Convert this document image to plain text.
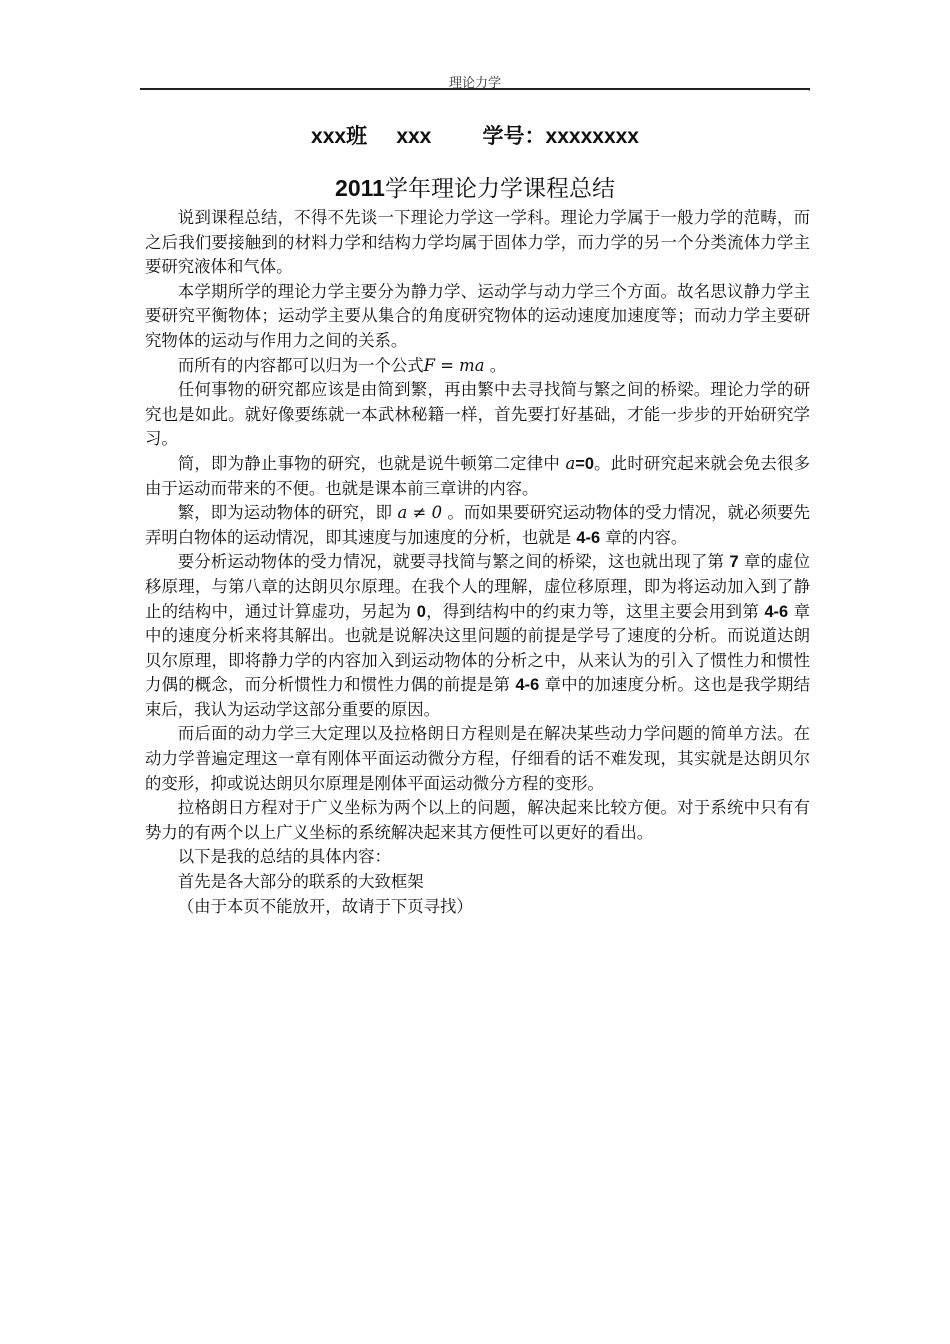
理论力学	.
xxx班 xxx 学号：xxxxxxxx
2011学年理论力学课程总结

说到课程总结，不得不先谈一下理论力学这一学科。理论力学属于一般力学的范畴，而之后我们要接触到的材料力学和结构力学均属于固体力学，而力学的另一个分类流体力学主要研究液体和气体。

本学期所学的理论力学主要分为静力学、运动学与动力学三个方面。故名思议静力学主要研究平衡物体；运动学主要从集合的角度研究物体的运动速度加速度等；而动力学主要研究物体的运动与作用力之间的关系。

而所有的内容都可以归为一个公式F = ma 。

任何事物的研究都应该是由简到繁，再由繁中去寻找简与繁之间的桥梁。理论力学的研究也是如此。就好像要练就一本武林秘籍一样，首先要打好基础，才能一步步的开始研究学习。

简，即为静止事物的研究，也就是说牛顿第二定律中 a=0。此时研究起来就会免去很多由于运动而带来的不便。也就是课本前三章讲的内容。

繁，即为运动物体的研究，即 a ≠ 0 。而如果要研究运动物体的受力情况，就必须要先弄明白物体的运动情况，即其速度与加速度的分析，也就是 4-6 章的内容。

要分析运动物体的受力情况，就要寻找简与繁之间的桥梁，这也就出现了第 7 章的虚位移原理，与第八章的达朗贝尔原理。在我个人的理解，虚位移原理，即为将运动加入到了静止的结构中，通过计算虚功，另起为 0，得到结构中的约束力等，这里主要会用到第 4-6 章中的速度分析来将其解出。也就是说解决这里问题的前提是学号了速度的分析。而说道达朗贝尔原理，即将静力学的内容加入到运动物体的分析之中，从来认为的引入了惯性力和惯性力偶的概念，而分析惯性力和惯性力偶的前提是第 4-6 章中的加速度分析。这也是我学期结束后，我认为运动学这部分重要的原因。

而后面的动力学三大定理以及拉格朗日方程则是在解决某些动力学问题的简单方法。在动力学普遍定理这一章有刚体平面运动微分方程，仔细看的话不难发现，其实就是达朗贝尔的变形，抑或说达朗贝尔原理是刚体平面运动微分方程的变形。

拉格朗日方程对于广义坐标为两个以上的问题，解决起来比较方便。对于系统中只有有势力的有两个以上广义坐标的系统解决起来其方便性可以更好的看出。

以下是我的总结的具体内容：

首先是各大部分的联系的大致框架

（由于本页不能放开，故请于下页寻找）
